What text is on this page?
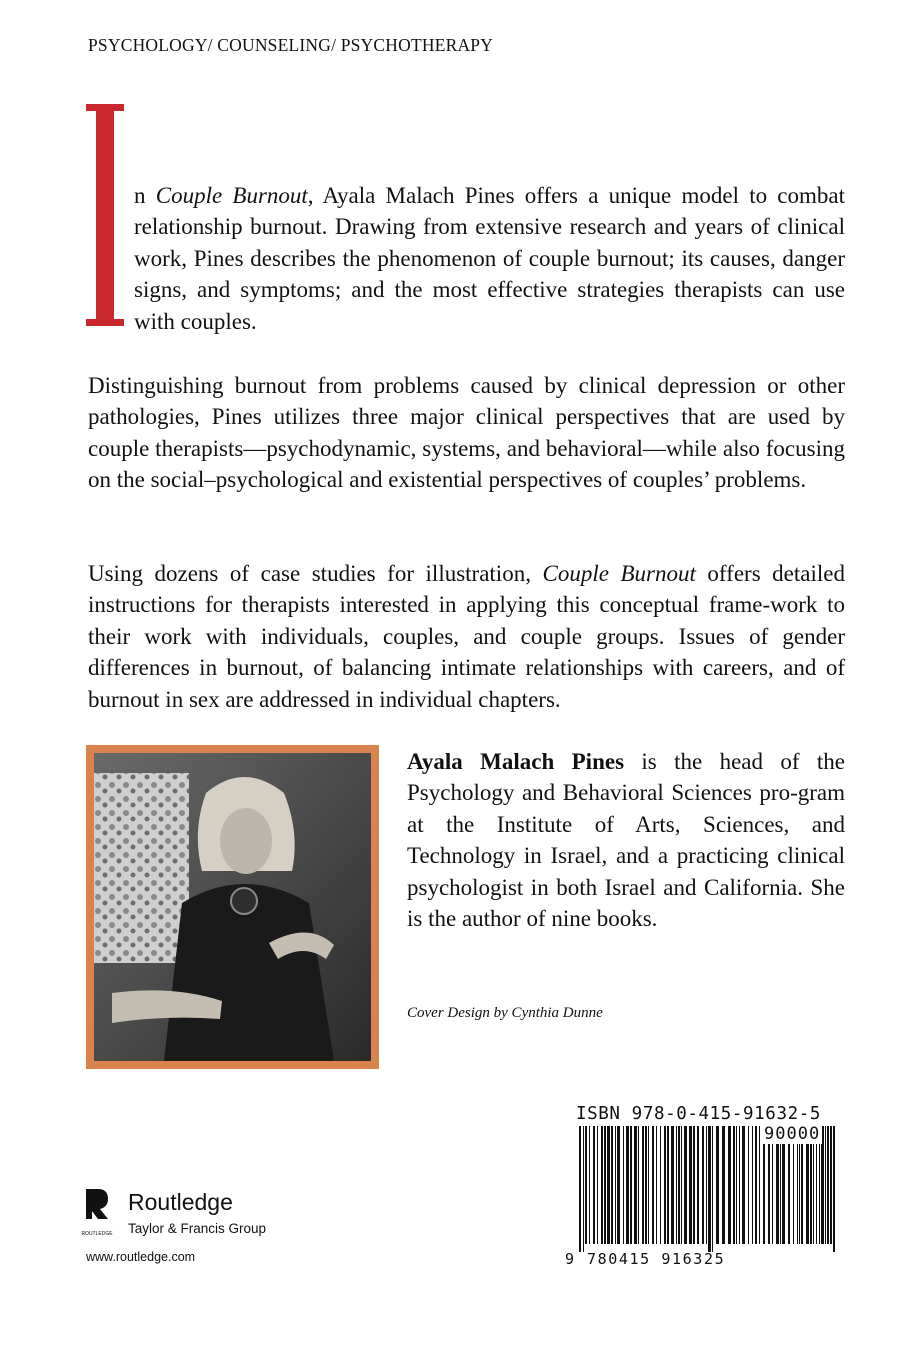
PSYCHOLOGY/ COUNSELING/ PSYCHOTHERAPY
n Couple Burnout, Ayala Malach Pines offers a unique model to combat relationship burnout. Drawing from extensive research and years of clinical work, Pines describes the phenomenon of couple burnout; its causes, danger signs, and symptoms; and the most effective strategies therapists can use with couples.
Distinguishing burnout from problems caused by clinical depression or other pathologies, Pines utilizes three major clinical perspectives that are used by couple therapists—psychodynamic, systems, and behavioral—while also focusing on the social–psychological and existential perspectives of couples’ problems.
Using dozens of case studies for illustration, Couple Burnout offers detailed instructions for therapists interested in applying this conceptual frame-work to their work with individuals, couples, and couple groups. Issues of gender differences in burnout, of balancing intimate relationships with careers, and of burnout in sex are addressed in individual chapters.
Ayala Malach Pines is the head of the Psychology and Behavioral Sciences pro-gram at the Institute of Arts, Sciences, and Technology in Israel, and a practicing clinical psychologist in both Israel and California. She is the author of nine books.
Cover Design by Cynthia Dunne
ISBN 978-0-415-91632-5
90000
9 780415 916325
ROUTLEDGE
Routledge
Taylor & Francis Group
www.routledge.com
